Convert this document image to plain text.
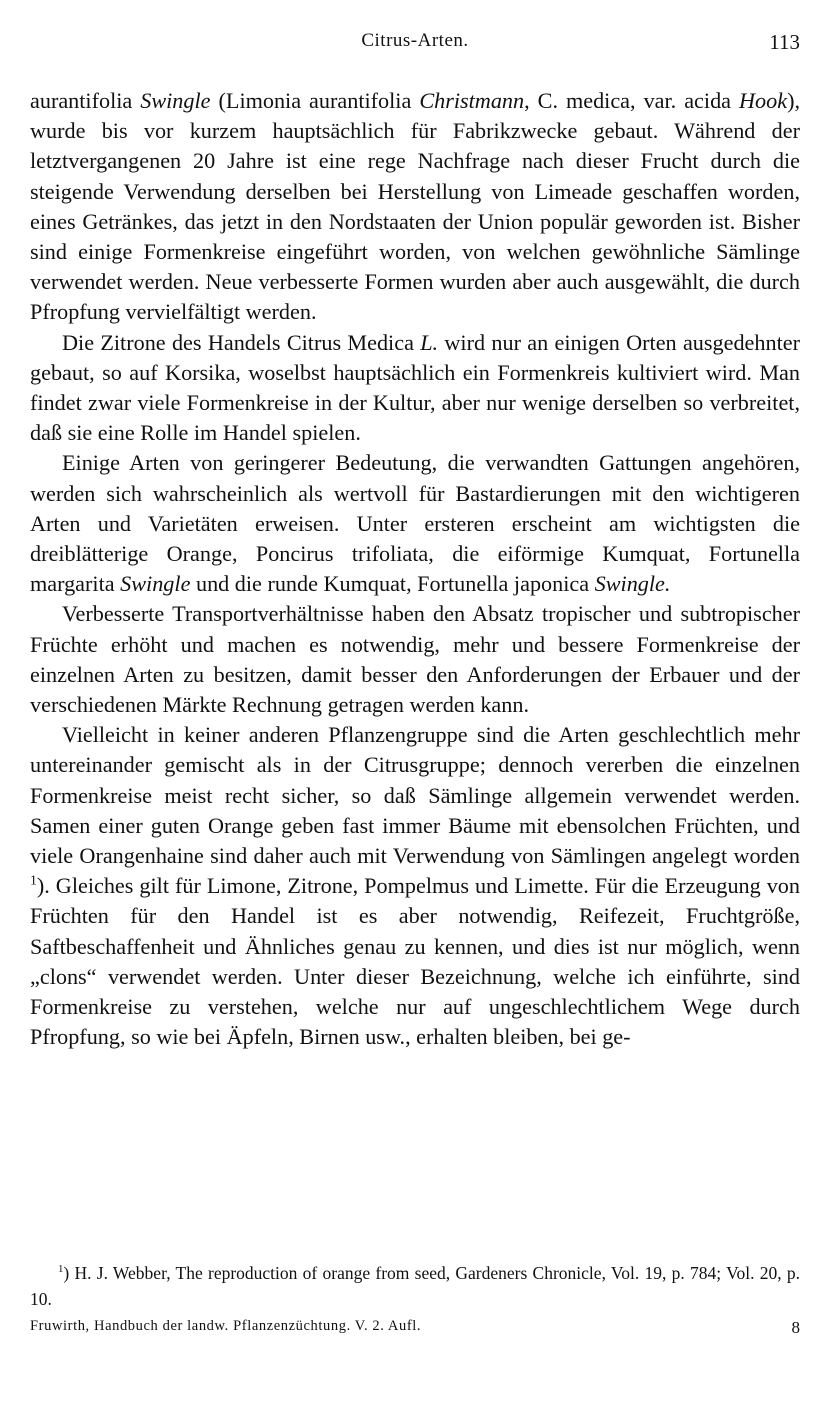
Citrus-Arten.	113

aurantifolia Swingle (Limonia aurantifolia Christmann, C. medica, var. acida Hook), wurde bis vor kurzem hauptsächlich für Fabrikzwecke gebaut. Während der letztvergangenen 20 Jahre ist eine rege Nachfrage nach dieser Frucht durch die steigende Verwendung derselben bei Herstellung von Limeade geschaffen worden, eines Getränkes, das jetzt in den Nordstaaten der Union populär geworden ist. Bisher sind einige Formenkreise eingeführt worden, von welchen gewöhnliche Sämlinge verwendet werden. Neue verbesserte Formen wurden aber auch ausgewählt, die durch Pfropfung vervielfältigt werden.

Die Zitrone des Handels Citrus Medica L. wird nur an einigen Orten ausgedehnter gebaut, so auf Korsika, woselbst hauptsächlich ein Formenkreis kultiviert wird. Man findet zwar viele Formenkreise in der Kultur, aber nur wenige derselben so verbreitet, daß sie eine Rolle im Handel spielen.

Einige Arten von geringerer Bedeutung, die verwandten Gattungen angehören, werden sich wahrscheinlich als wertvoll für Bastardierungen mit den wichtigeren Arten und Varietäten erweisen. Unter ersteren erscheint am wichtigsten die dreiblätterige Orange, Poncirus trifoliata, die eiförmige Kumquat, Fortunella margarita Swingle und die runde Kumquat, Fortunella japonica Swingle.

Verbesserte Transportverhältnisse haben den Absatz tropischer und subtropischer Früchte erhöht und machen es notwendig, mehr und bessere Formenkreise der einzelnen Arten zu besitzen, damit besser den Anforderungen der Erbauer und der verschiedenen Märkte Rechnung getragen werden kann.

Vielleicht in keiner anderen Pflanzengruppe sind die Arten geschlechtlich mehr untereinander gemischt als in der Citrusgruppe; dennoch vererben die einzelnen Formenkreise meist recht sicher, so daß Sämlinge allgemein verwendet werden. Samen einer guten Orange geben fast immer Bäume mit ebensolchen Früchten, und viele Orangenhaine sind daher auch mit Verwendung von Sämlingen angelegt worden $^1$). Gleiches gilt für Limone, Zitrone, Pompelmus und Limette. Für die Erzeugung von Früchten für den Handel ist es aber notwendig, Reifezeit, Fruchtgröße, Saftbeschaffenheit und Ähnliches genau zu kennen, und dies ist nur möglich, wenn „clons“ verwendet werden. Unter dieser Bezeichnung, welche ich einführte, sind Formenkreise zu verstehen, welche nur auf ungeschlechtlichem Wege durch Pfropfung, so wie bei Äpfeln, Birnen usw., erhalten bleiben, bei ge-

$^1$) H. J. Webber, The reproduction of orange from seed, Gardeners Chronicle, Vol. 19, p. 784; Vol. 20, p. 10.

Fruwirth, Handbuch der landw. Pflanzenzüchtung. V. 2. Aufl.	8
